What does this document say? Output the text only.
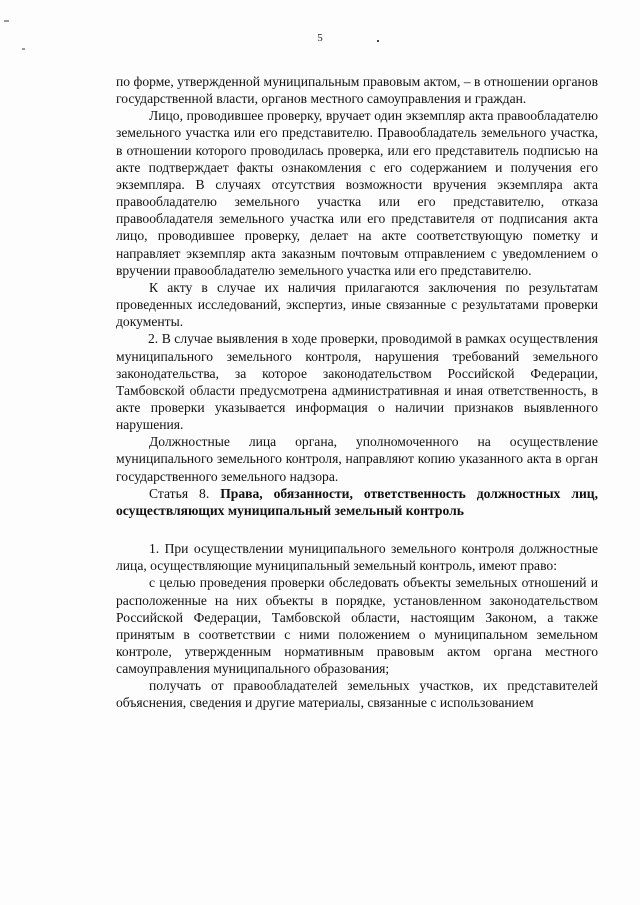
5

по форме, утвержденной муниципальным правовым актом, – в отношении органов государственной власти, органов местного самоуправления и граждан.

Лицо, проводившее проверку, вручает один экземпляр акта правообладателю земельного участка или его представителю. Правообладатель земельного участка, в отношении которого проводилась проверка, или его представитель подписью на акте подтверждает факты ознакомления с его содержанием и получения его экземпляра. В случаях отсутствия возможности вручения экземпляра акта правообладателю земельного участка или его представителю, отказа правообладателя земельного участка или его представителя от подписания акта лицо, проводившее проверку, делает на акте соответствующую пометку и направляет экземпляр акта заказным почтовым отправлением с уведомлением о вручении правообладателю земельного участка или его представителю.

К акту в случае их наличия прилагаются заключения по результатам проведенных исследований, экспертиз, иные связанные с результатами проверки документы.

2. В случае выявления в ходе проверки, проводимой в рамках осуществления муниципального земельного контроля, нарушения требований земельного законодательства, за которое законодательством Российской Федерации, Тамбовской области предусмотрена административная и иная ответственность, в акте проверки указывается информация о наличии признаков выявленного нарушения.

Должностные лица органа, уполномоченного на осуществление муниципального земельного контроля, направляют копию указанного акта в орган государственного земельного надзора.

Статья 8. Права, обязанности, ответственность должностных лиц, осуществляющих муниципальный земельный контроль

1. При осуществлении муниципального земельного контроля должностные лица, осуществляющие муниципальный земельный контроль, имеют право:

с целью проведения проверки обследовать объекты земельных отношений и расположенные на них объекты в порядке, установленном законодательством Российской Федерации, Тамбовской области, настоящим Законом, а также принятым в соответствии с ними положением о муниципальном земельном контроле, утвержденным нормативным правовым актом органа местного самоуправления муниципального образования;

получать от правообладателей земельных участков, их представителей объяснения, сведения и другие материалы, связанные с использованием
